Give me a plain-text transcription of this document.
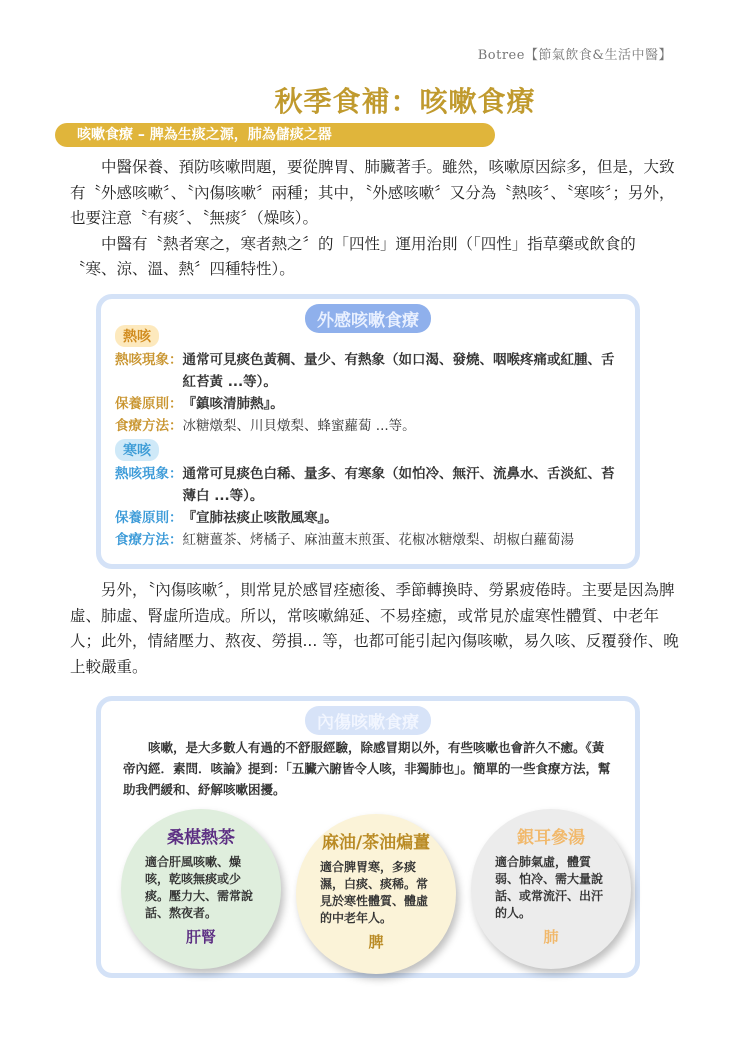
Botree【節氣飲食&生活中醫】
秋季食補：咳嗽食療
咳嗽食療 – 脾為生痰之源，肺為儲痰之器

中醫保養、預防咳嗽問題，要從脾胃、肺臟著手。雖然，咳嗽原因綜多，但是，大致有〝外感咳嗽〞、〝內傷咳嗽〞兩種；其中，〝外感咳嗽〞又分為〝熱咳〞、〝寒咳〞；另外，也要注意〝有痰〞、〝無痰〞（燥咳）。

中醫有〝熱者寒之，寒者熱之〞的「四性」運用治則（「四性」指草藥或飲食的〝寒、涼、溫、熱〞四種特性）。

外感咳嗽食療
熱咳
熱咳現象： 通常可見痰色黃稠、量少、有熱象（如口渴、發燒、咽喉疼痛或紅腫、舌紅苔黃 ...等）。
保養原則： 『鎮咳清肺熱』。
食療方法： 冰糖燉梨、川貝燉梨、蜂蜜蘿蔔 ...等。
寒咳
熱咳現象： 通常可見痰色白稀、量多、有寒象（如怕冷、無汗、流鼻水、舌淡紅、苔薄白 ...等）。
保養原則： 『宣肺祛痰止咳散風寒』。
食療方法： 紅糖薑茶、烤橘子、麻油薑末煎蛋、花椒冰糖燉梨、胡椒白蘿蔔湯

另外，〝內傷咳嗽〞，則常見於感冒痊癒後、季節轉換時、勞累疲倦時。主要是因為脾虛、肺虛、腎虛所造成。所以，常咳嗽綿延、不易痊癒，或常見於虛寒性體質、中老年人；此外，情緒壓力、熬夜、勞損... 等，也都可能引起內傷咳嗽，易久咳、反覆發作、晚上較嚴重。

內傷咳嗽食療
咳嗽，是大多數人有過的不舒服經驗，除感冒期以外，有些咳嗽也會許久不癒。《黃帝內經．素問．咳論》提到：「五臟六腑皆令人咳，非獨肺也」。簡單的一些食療方法，幫助我們緩和、紓解咳嗽困擾。
桑椹熱茶
適合肝風咳嗽、燥咳，乾咳無痰或少痰。壓力大、需常說話、熬夜者。
肝腎
麻油/茶油煸薑
適合脾胃寒，多痰濕，白痰、痰稀。常見於寒性體質、體虛的中老年人。
脾
銀耳參湯
適合肺氣虛，體質弱、怕冷、需大量說話、或常流汗、出汗的人。
肺
